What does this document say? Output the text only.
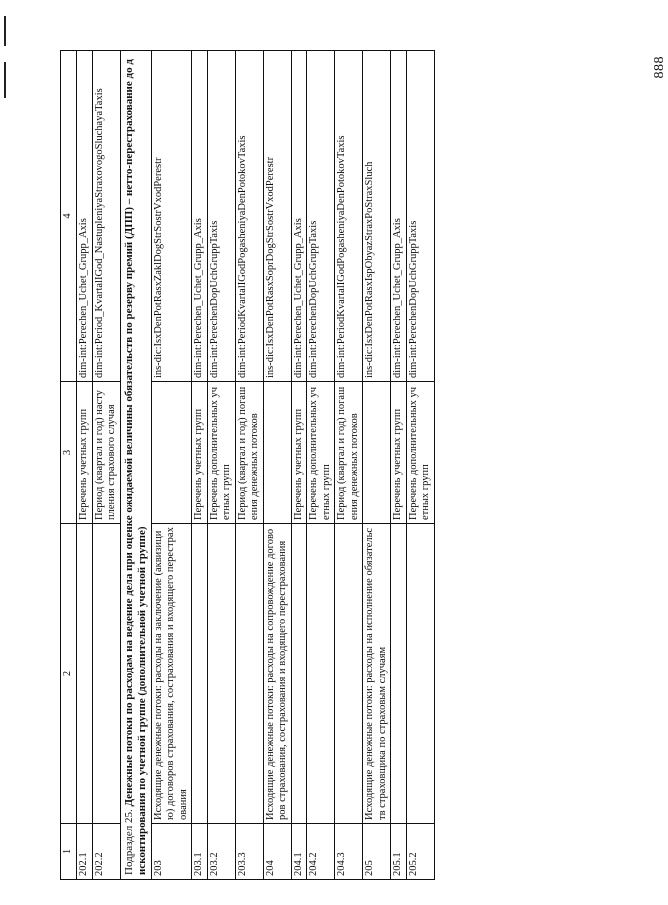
1	2	3	4
202.1		Перечень учетных групп	dim-int:Perechen_Uchet_Grupp_Axis
202.2		Период (квартал и год) наступления страхового случая	dim-int:Period_KvartalIGod_NastupleniyaStraxovogoSluchayaTaxis
Подраздел 25. Денежные потоки по расходам на ведение дела при оценке ожидаемой величины обязательств по резерву премий (ДПП) – нетто-перестрахование до дисконтирования по учетной группе (дополнительной учетной группе)			
203	Исходящие денежные потоки: расходы на заключение (аквизицию) договоров страхования, сострахования и входящего перестрахования		ins-dic:IsxDenPotRasxZaklDogStrSostrVxodPerestr
203.1		Перечень учетных групп	dim-int:Perechen_Uchet_Grupp_Axis
203.2		Перечень дополнительных учетных групп	dim-int:PerechenDopUchGruppTaxis
203.3		Период (квартал и год) погашения денежных потоков	dim-int:PeriodKvartalIGodPogasheniyaDenPotokovTaxis
204	Исходящие денежные потоки: расходы на сопровождение договоров страхования, сострахования и входящего перестрахования		ins-dic:IsxDenPotRasxSoprDogStrSostrVxodPerestr
204.1		Перечень учетных групп	dim-int:Perechen_Uchet_Grupp_Axis
204.2		Перечень дополнительных учетных групп	dim-int:PerechenDopUchGruppTaxis
204.3		Период (квартал и год) погашения денежных потоков	dim-int:PeriodKvartalIGodPogasheniyaDenPotokovTaxis
205	Исходящие денежные потоки: расходы на исполнение обязательств страховщика по страховым случаям		ins-dic:IsxDenPotRasxIspObyazStraxPoStraxSluch
205.1		Перечень учетных групп	dim-int:Perechen_Uchet_Grupp_Axis
205.2		Перечень дополнительных учетных групп	dim-int:PerechenDopUchGruppTaxis
888
